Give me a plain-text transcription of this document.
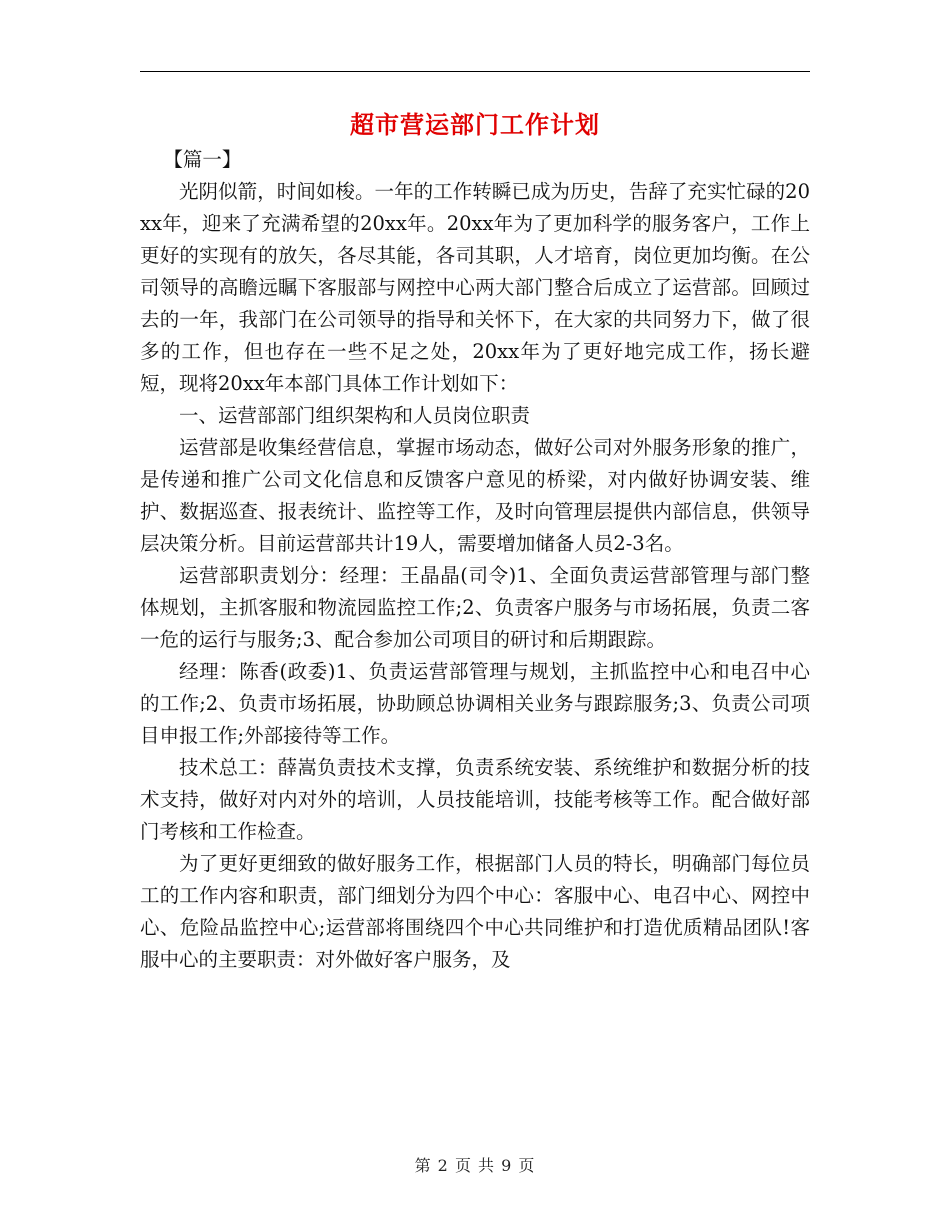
超市营运部门工作计划

【篇一】

光阴似箭，时间如梭。一年的工作转瞬已成为历史，告辞了充实忙碌的20xx年，迎来了充满希望的20xx年。20xx年为了更加科学的服务客户，工作上更好的实现有的放矢，各尽其能，各司其职，人才培育，岗位更加均衡。在公司领导的高瞻远瞩下客服部与网控中心两大部门整合后成立了运营部。回顾过去的一年，我部门在公司领导的指导和关怀下，在大家的共同努力下，做了很多的工作，但也存在一些不足之处，20xx年为了更好地完成工作，扬长避短，现将20xx年本部门具体工作计划如下：

一、运营部部门组织架构和人员岗位职责

运营部是收集经营信息，掌握市场动态，做好公司对外服务形象的推广，是传递和推广公司文化信息和反馈客户意见的桥梁，对内做好协调安装、维护、数据巡查、报表统计、监控等工作，及时向管理层提供内部信息，供领导层决策分析。目前运营部共计19人，需要增加储备人员2-3名。

运营部职责划分：经理：王晶晶(司令)1、全面负责运营部管理与部门整体规划，主抓客服和物流园监控工作;2、负责客户服务与市场拓展，负责二客一危的运行与服务;3、配合参加公司项目的研讨和后期跟踪。

经理：陈香(政委)1、负责运营部管理与规划，主抓监控中心和电召中心的工作;2、负责市场拓展，协助顾总协调相关业务与跟踪服务;3、负责公司项目申报工作;外部接待等工作。

技术总工：薛嵩负责技术支撑，负责系统安装、系统维护和数据分析的技术支持，做好对内对外的培训，人员技能培训，技能考核等工作。配合做好部门考核和工作检查。

为了更好更细致的做好服务工作，根据部门人员的特长，明确部门每位员工的工作内容和职责，部门细划分为四个中心：客服中心、电召中心、网控中心、危险品监控中心;运营部将围绕四个中心共同维护和打造优质精品团队!客服中心的主要职责：对外做好客户服务，及

第 2 页 共 9 页
